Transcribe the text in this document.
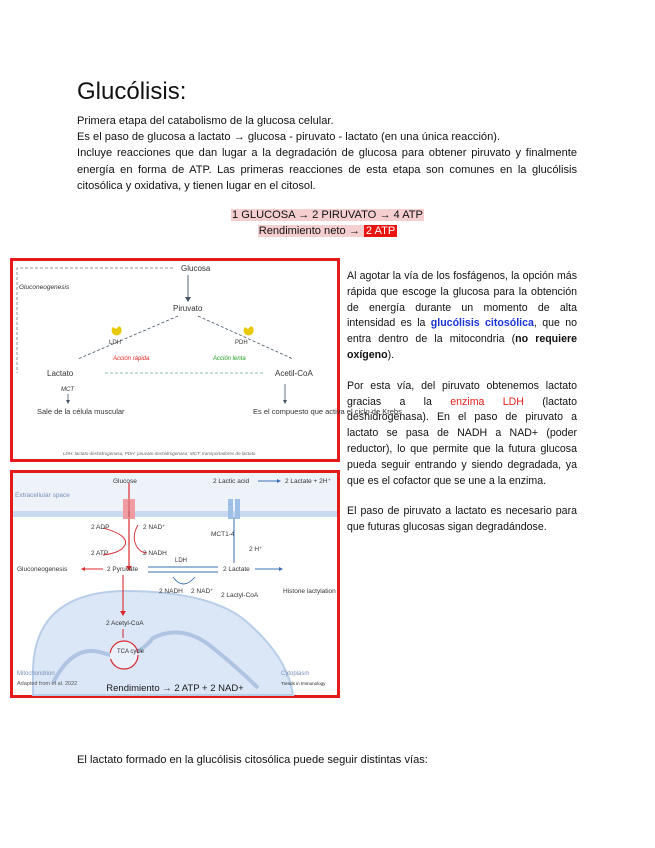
Glucólisis:

Primera etapa del catabolismo de la glucosa celular.

Es el paso de glucosa a lactato → glucosa - piruvato - lactato (en una única reacción).

Incluye reacciones que dan lugar a la degradación de glucosa para obtener piruvato y finalmente energía en forma de ATP. Las primeras reacciones de esta etapa son comunes en la glucólisis citosólica y oxidativa, y tienen lugar en el citosol.

1 GLUCOSA → 2 PIRUVATO → 4 ATP
Rendimiento neto → 2 ATP
Glucosa
Gluconeogenesis
Piruvato
LDH	PDH
Acción rápida	Acción lenta
Lactato	Acetil-CoA
MCT
Sale de la célula muscular	Es el compuesto que activa el ciclo de Krebs
LDH: lactato deshidrogenasa; PDH: piruvato deshidrogenasa; MCT: transportadores de lactato
Extracellular space
Glucose	2 Lactic acid	2 Lactate + 2H⁺
2 ADP
2 ATP
2 NAD⁺
2 NADH
MCT1-4
2 H⁺
Gluconeogenesis	2 Pyruvate
LDH
2 Lactate
2 NADH 2 NAD⁺
2 Lactyl-CoA
Histone lactylation
2 Acetyl-CoA
TCA cycle
Mitochondrion	Cytoplasm
Adapted from et al. 2022	Trends in Immunology
Rendimiento → 2 ATP + 2 NAD+

Al agotar la vía de los fosfágenos, la opción más rápida que escoge la glucosa para la obtención de energía durante un momento de alta intensidad es la glucólisis citosólica, que no entra dentro de la mitocondria (no requiere oxígeno).

Por esta vía, del piruvato obtenemos lactato gracias a la enzima LDH (lactato deshidrogenasa). En el paso de piruvato a lactato se pasa de NADH a NAD+ (poder reductor), lo que permite que la futura glucosa pueda seguir entrando y siendo degradada, ya que es el cofactor que se une a la enzima.

El paso de piruvato a lactato es necesario para que futuras glucosas sigan degradándose.

El lactato formado en la glucólisis citosólica puede seguir distintas vías:
